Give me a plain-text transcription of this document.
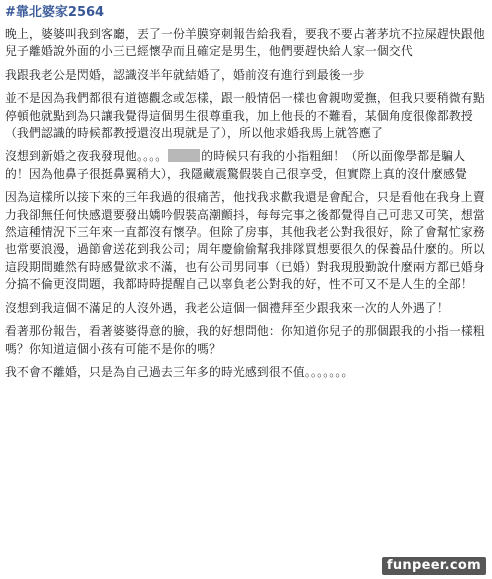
#靠北婆家2564

晚上，婆婆叫我到客廳，丟了一份羊膜穿刺報告給我看，要我不要占著茅坑不拉屎趕快跟他兒子離婚說外面的小三已經懷孕而且確定是男生，他們要趕快給人家一個交代

我跟我老公是閃婚，認識沒半年就結婚了，婚前沒有進行到最後一步

並不是因為我們都很有道德觀念或怎樣，跟一般情侶一樣也會親吻愛撫，但我只要稍微有點停頓他就點到為只讓我覺得這個男生很尊重我，加上他長的不難看，某個角度很像都教授（我們認識的時候都教授還沒出現就是了），所以他求婚我馬上就答應了

沒想到新婚之夜我發現他。。。。	的時候只有我的小指粗細！（所以面像學都是騙人的！因為他鼻子很挺鼻翼稍大），我隱藏震驚假裝自己很享受，但實際上真的沒什麼感覺

因為這樣所以接下來的三年我過的很痛苦，他找我求歡我還是會配合，只是看他在我身上賣力我卻無任何快感還要發出嬌吟假裝高潮顫抖，每每完事之後都覺得自己可悲又可笑，想當然這種情況下三年來一直都沒有懷孕。但除了房事，其他我老公對我很好，除了會幫忙家務也常要浪漫，過節會送花到我公司；周年慶偷偷幫我排隊買想要很久的保養品什麼的。所以這段期間雖然有時感覺欲求不滿，也有公司男同事（已婚）對我現殷勤說什麼兩方都已婚身分搞不倫更沒問題，我都時時提醒自己以辜負老公對我的好，性不可又不是人生的全部！

沒想到我這個不滿足的人沒外遇，我老公這個一個禮拜至少跟我來一次的人外遇了！

看著那份報告，看著婆婆得意的臉，我的好想問他：你知道你兒子的那個跟我的小指一樣粗嗎？你知道這個小孩有可能不是你的嗎？

我不會不離婚，只是為自己過去三年多的時光感到很不值。。。。。。。

funpeer.com
